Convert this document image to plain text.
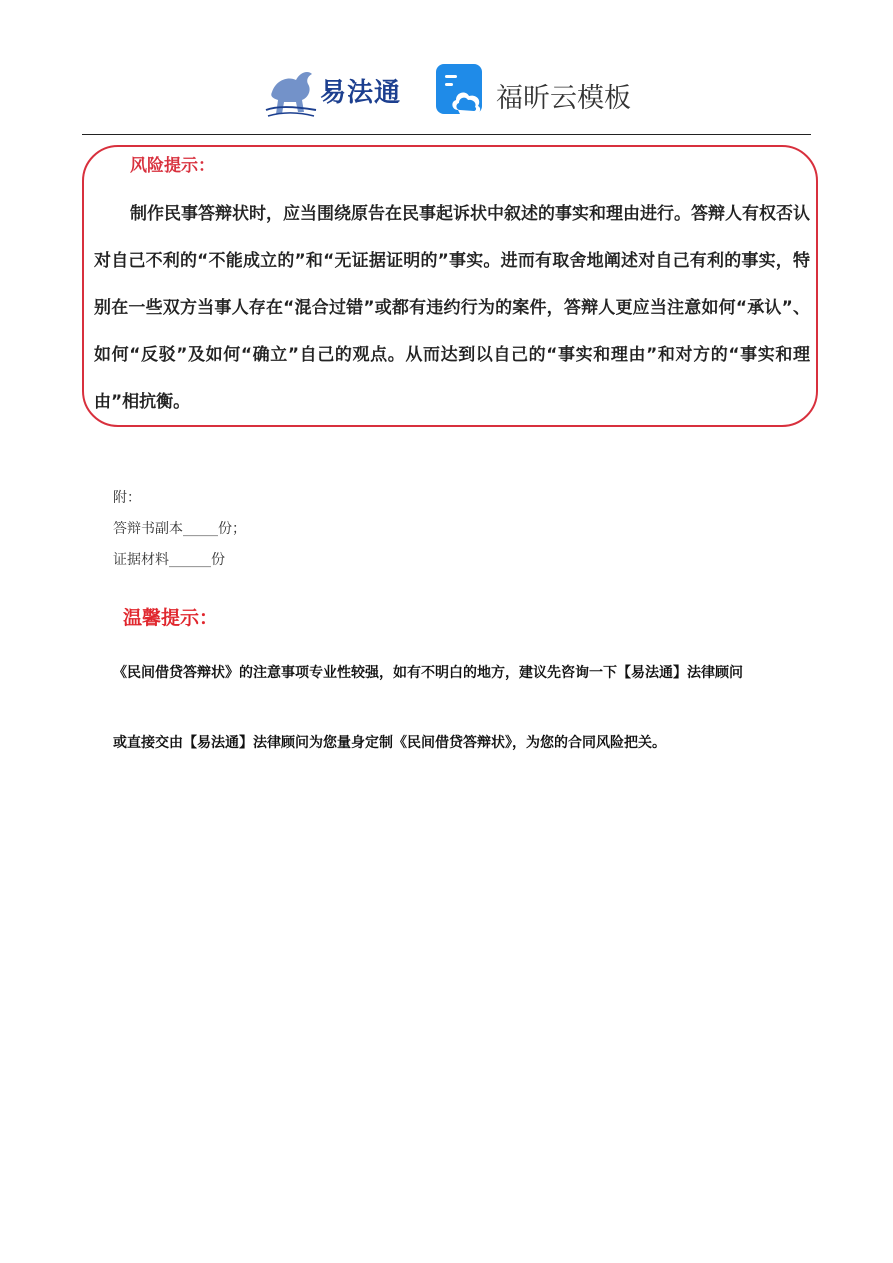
易法通	福昕云模板
风险提示：

制作民事答辩状时，应当围绕原告在民事起诉状中叙述的事实和理由进行。答辩人有权否认对自己不利的“不能成立的”和“无证据证明的”事实。进而有取舍地阐述对自己有利的事实，特别在一些双方当事人存在“混合过错”或都有违约行为的案件，答辩人更应当注意如何“承认”、如何“反驳”及如何“确立”自己的观点。从而达到以自己的“事实和理由”和对方的“事实和理由”相抗衡。

附：
答辩书副本_____份；
证据材料______份
温馨提示：

《民间借贷答辩状》的注意事项专业性较强，如有不明白的地方，建议先咨询一下【易法通】法律顾问
或直接交由【易法通】法律顾问为您量身定制《民间借贷答辩状》，为您的合同风险把关。
